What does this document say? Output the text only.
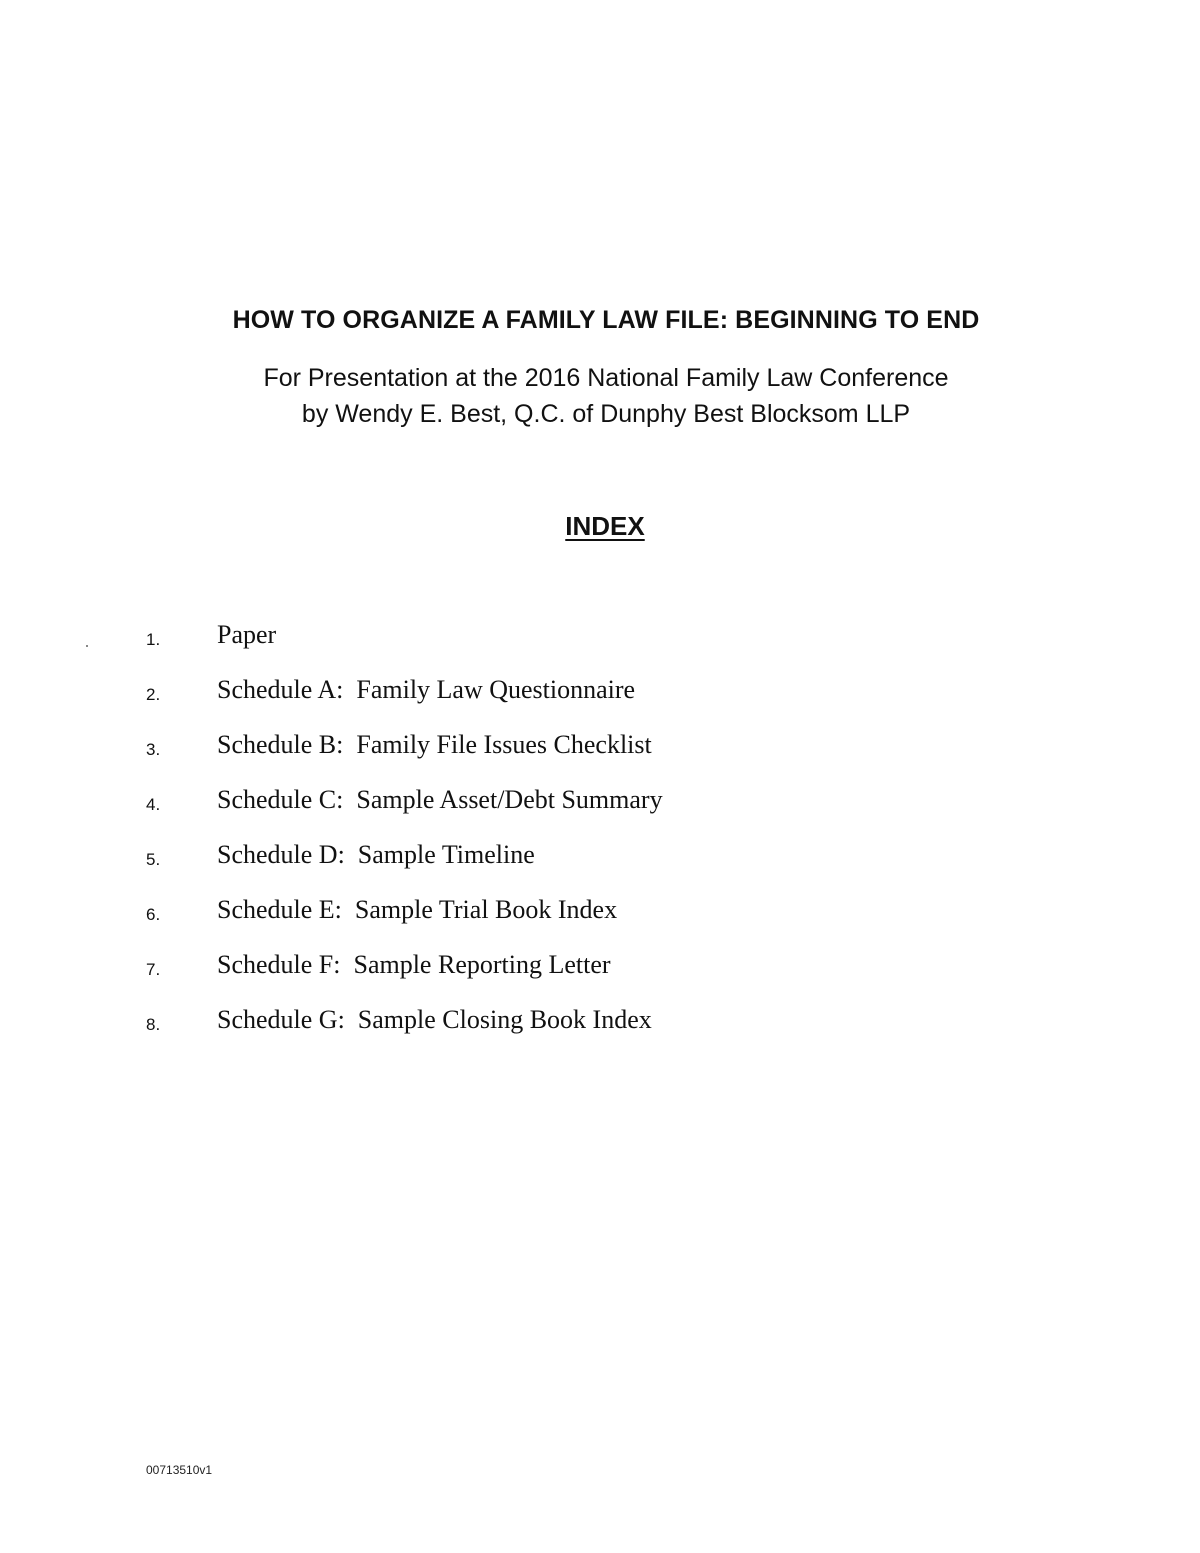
HOW TO ORGANIZE A FAMILY LAW FILE: BEGINNING TO END

For Presentation at the 2016 National Family Law Conference

by Wendy E. Best, Q.C. of Dunphy Best Blocksom LLP

INDEX
1. Paper
2. Schedule A:  Family Law Questionnaire
3. Schedule B:  Family File Issues Checklist
4. Schedule C:  Sample Asset/Debt Summary
5. Schedule D:  Sample Timeline
6. Schedule E:  Sample Trial Book Index
7. Schedule F:  Sample Reporting Letter
8. Schedule G:  Sample Closing Book Index
00713510v1
